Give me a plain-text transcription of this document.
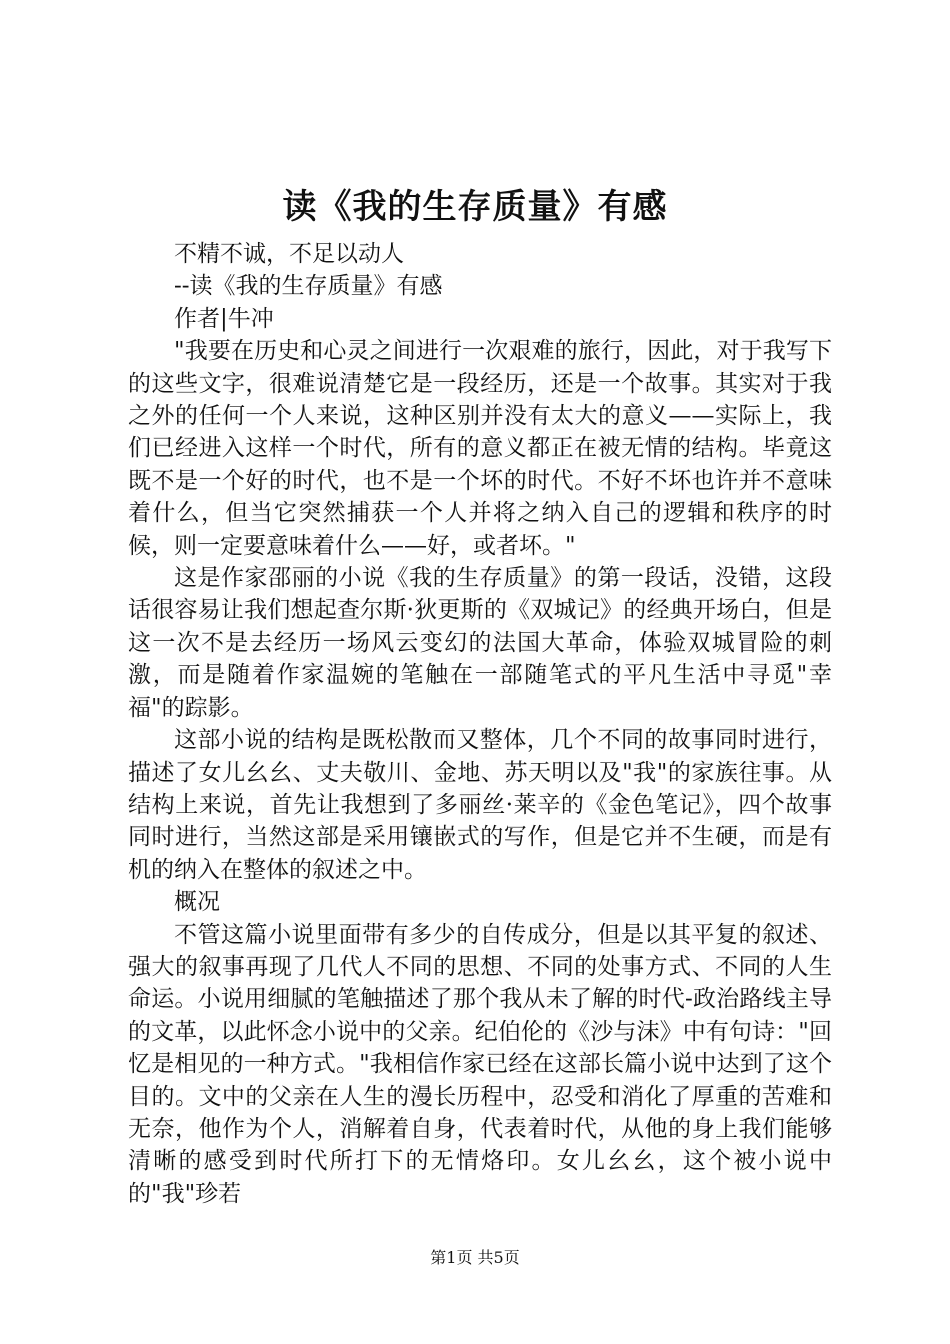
读《我的生存质量》有感

不精不诚，不足以动人

--读《我的生存质量》有感

作者|牛冲

"我要在历史和心灵之间进行一次艰难的旅行，因此，对于我写下的这些文字，很难说清楚它是一段经历，还是一个故事。其实对于我之外的任何一个人来说，这种区别并没有太大的意义——实际上，我们已经进入这样一个时代，所有的意义都正在被无情的结构。毕竟这既不是一个好的时代，也不是一个坏的时代。不好不坏也许并不意味着什么，但当它突然捕获一个人并将之纳入自己的逻辑和秩序的时候，则一定要意味着什么——好，或者坏。"

这是作家邵丽的小说《我的生存质量》的第一段话，没错，这段话很容易让我们想起查尔斯·狄更斯的《双城记》的经典开场白，但是这一次不是去经历一场风云变幻的法国大革命，体验双城冒险的刺激，而是随着作家温婉的笔触在一部随笔式的平凡生活中寻觅"幸福"的踪影。

这部小说的结构是既松散而又整体，几个不同的故事同时进行，描述了女儿幺幺、丈夫敬川、金地、苏天明以及"我"的家族往事。从结构上来说，首先让我想到了多丽丝·莱辛的《金色笔记》，四个故事同时进行，当然这部是采用镶嵌式的写作，但是它并不生硬，而是有机的纳入在整体的叙述之中。

概况

不管这篇小说里面带有多少的自传成分，但是以其平复的叙述、强大的叙事再现了几代人不同的思想、不同的处事方式、不同的人生命运。小说用细腻的笔触描述了那个我从未了解的时代-政治路线主导的文革，以此怀念小说中的父亲。纪伯伦的《沙与沫》中有句诗："回忆是相见的一种方式。"我相信作家已经在这部长篇小说中达到了这个目的。文中的父亲在人生的漫长历程中，忍受和消化了厚重的苦难和无奈，他作为个人，消解着自身，代表着时代，从他的身上我们能够清晰的感受到时代所打下的无情烙印。女儿幺幺，这个被小说中的"我"珍若

第1页 共5页
